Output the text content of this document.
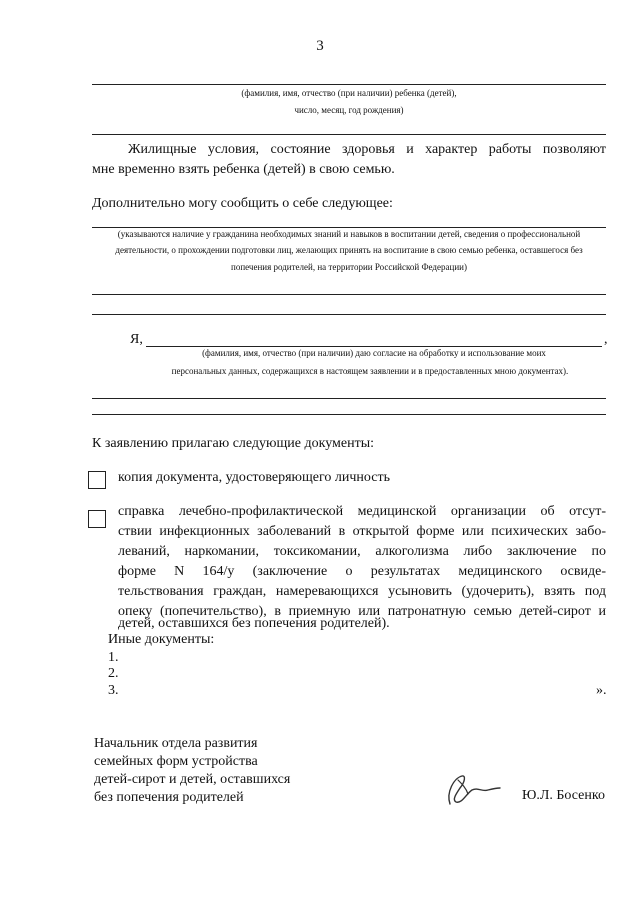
3
(фамилия, имя, отчество (при наличии) ребенка (детей),
число, месяц, год рождения)
Жилищные условия, состояние здоровья и характер работы позволяют
мне временно взять ребенка (детей) в свою семью.
Дополнительно могу сообщить о себе следующее:
(указываются наличие у гражданина необходимых знаний и навыков в воспитании детей, сведения о профессиональной
деятельности, о прохождении подготовки лиц, желающих принять на воспитание в свою семью ребенка, оставшегося без
попечения родителей, на территории Российской Федерации)
Я,	,
(фамилия, имя, отчество (при наличии) даю согласие на обработку и использование моих
персональных данных, содержащихся в настоящем заявлении и в предоставленных мною документах).
К заявлению прилагаю следующие документы:
копия документа, удостоверяющего личность
справка лечебно-профилактической медицинской организации об отсут-
ствии инфекционных заболеваний в открытой форме или психических забо-
леваний, наркомании, токсикомании, алкоголизма либо заключение по
форме N 164/у (заключение о результатах медицинского освиде-
тельствования граждан, намеревающихся усыновить (удочерить), взять под
опеку (попечительство), в приемную или патронатную семью детей-сирот и
детей, оставшихся без попечения родителей).
Иные документы:
1.
2.
3.	».
Начальник отдела развития
семейных форм устройства
детей-сирот и детей, оставшихся
без попечения родителей	Ю.Л. Босенко
